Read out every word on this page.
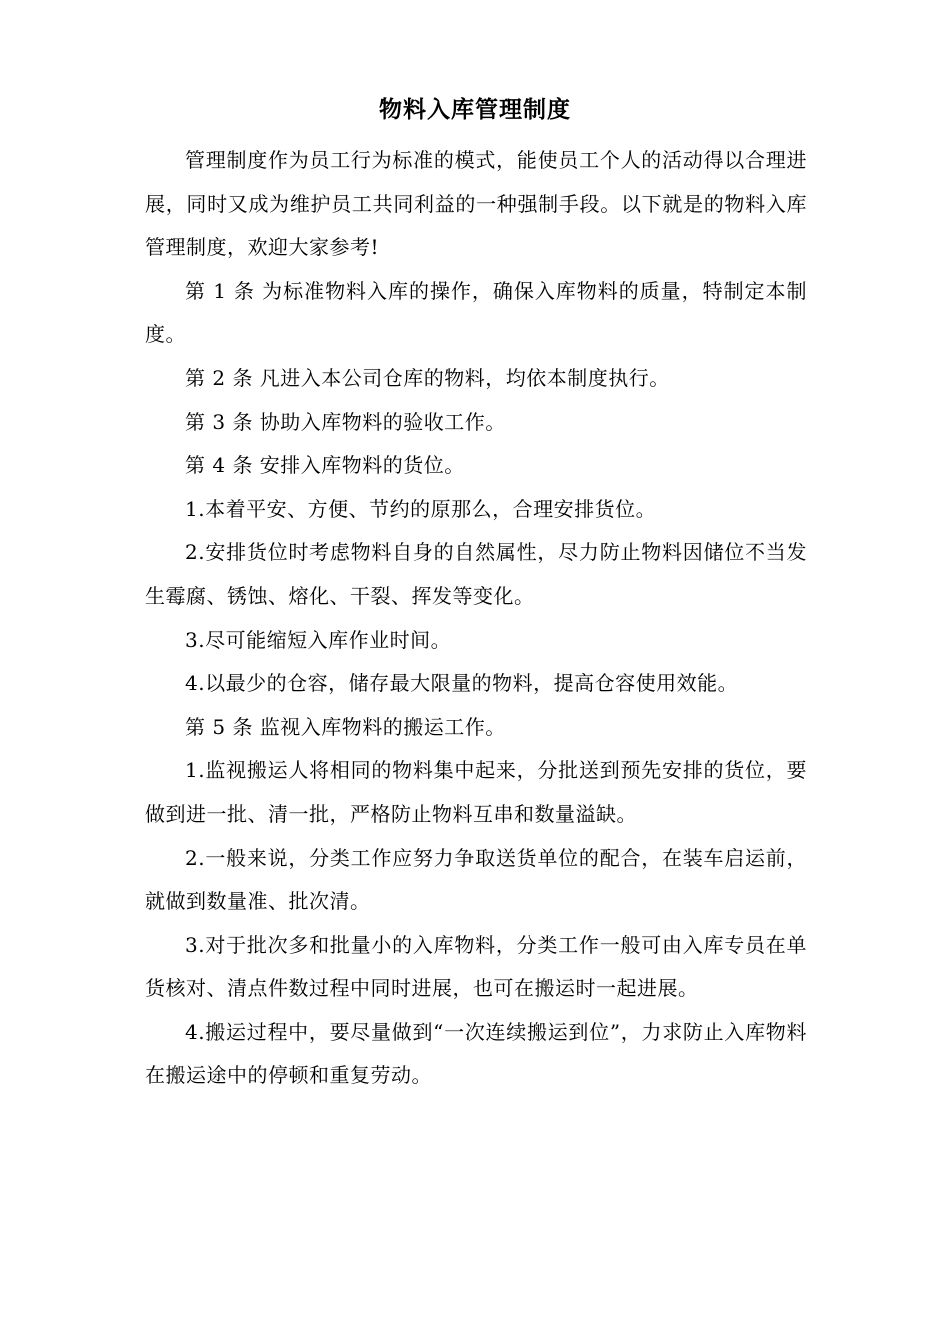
物料入库管理制度

管理制度作为员工行为标准的模式，能使员工个人的活动得以合理进展，同时又成为维护员工共同利益的一种强制手段。以下就是的物料入库管理制度，欢迎大家参考!

第 1 条 为标准物料入库的操作，确保入库物料的质量，特制定本制度。

第 2 条 凡进入本公司仓库的物料，均依本制度执行。

第 3 条 协助入库物料的验收工作。

第 4 条 安排入库物料的货位。

1.本着平安、方便、节约的原那么，合理安排货位。

2.安排货位时考虑物料自身的自然属性，尽力防止物料因储位不当发生霉腐、锈蚀、熔化、干裂、挥发等变化。

3.尽可能缩短入库作业时间。

4.以最少的仓容，储存最大限量的物料，提高仓容使用效能。

第 5 条 监视入库物料的搬运工作。

1.监视搬运人将相同的物料集中起来，分批送到预先安排的货位，要做到进一批、清一批，严格防止物料互串和数量溢缺。

2.一般来说，分类工作应努力争取送货单位的配合，在装车启运前，就做到数量准、批次清。

3.对于批次多和批量小的入库物料，分类工作一般可由入库专员在单货核对、清点件数过程中同时进展，也可在搬运时一起进展。

4.搬运过程中，要尽量做到“一次连续搬运到位”，力求防止入库物料在搬运途中的停顿和重复劳动。
